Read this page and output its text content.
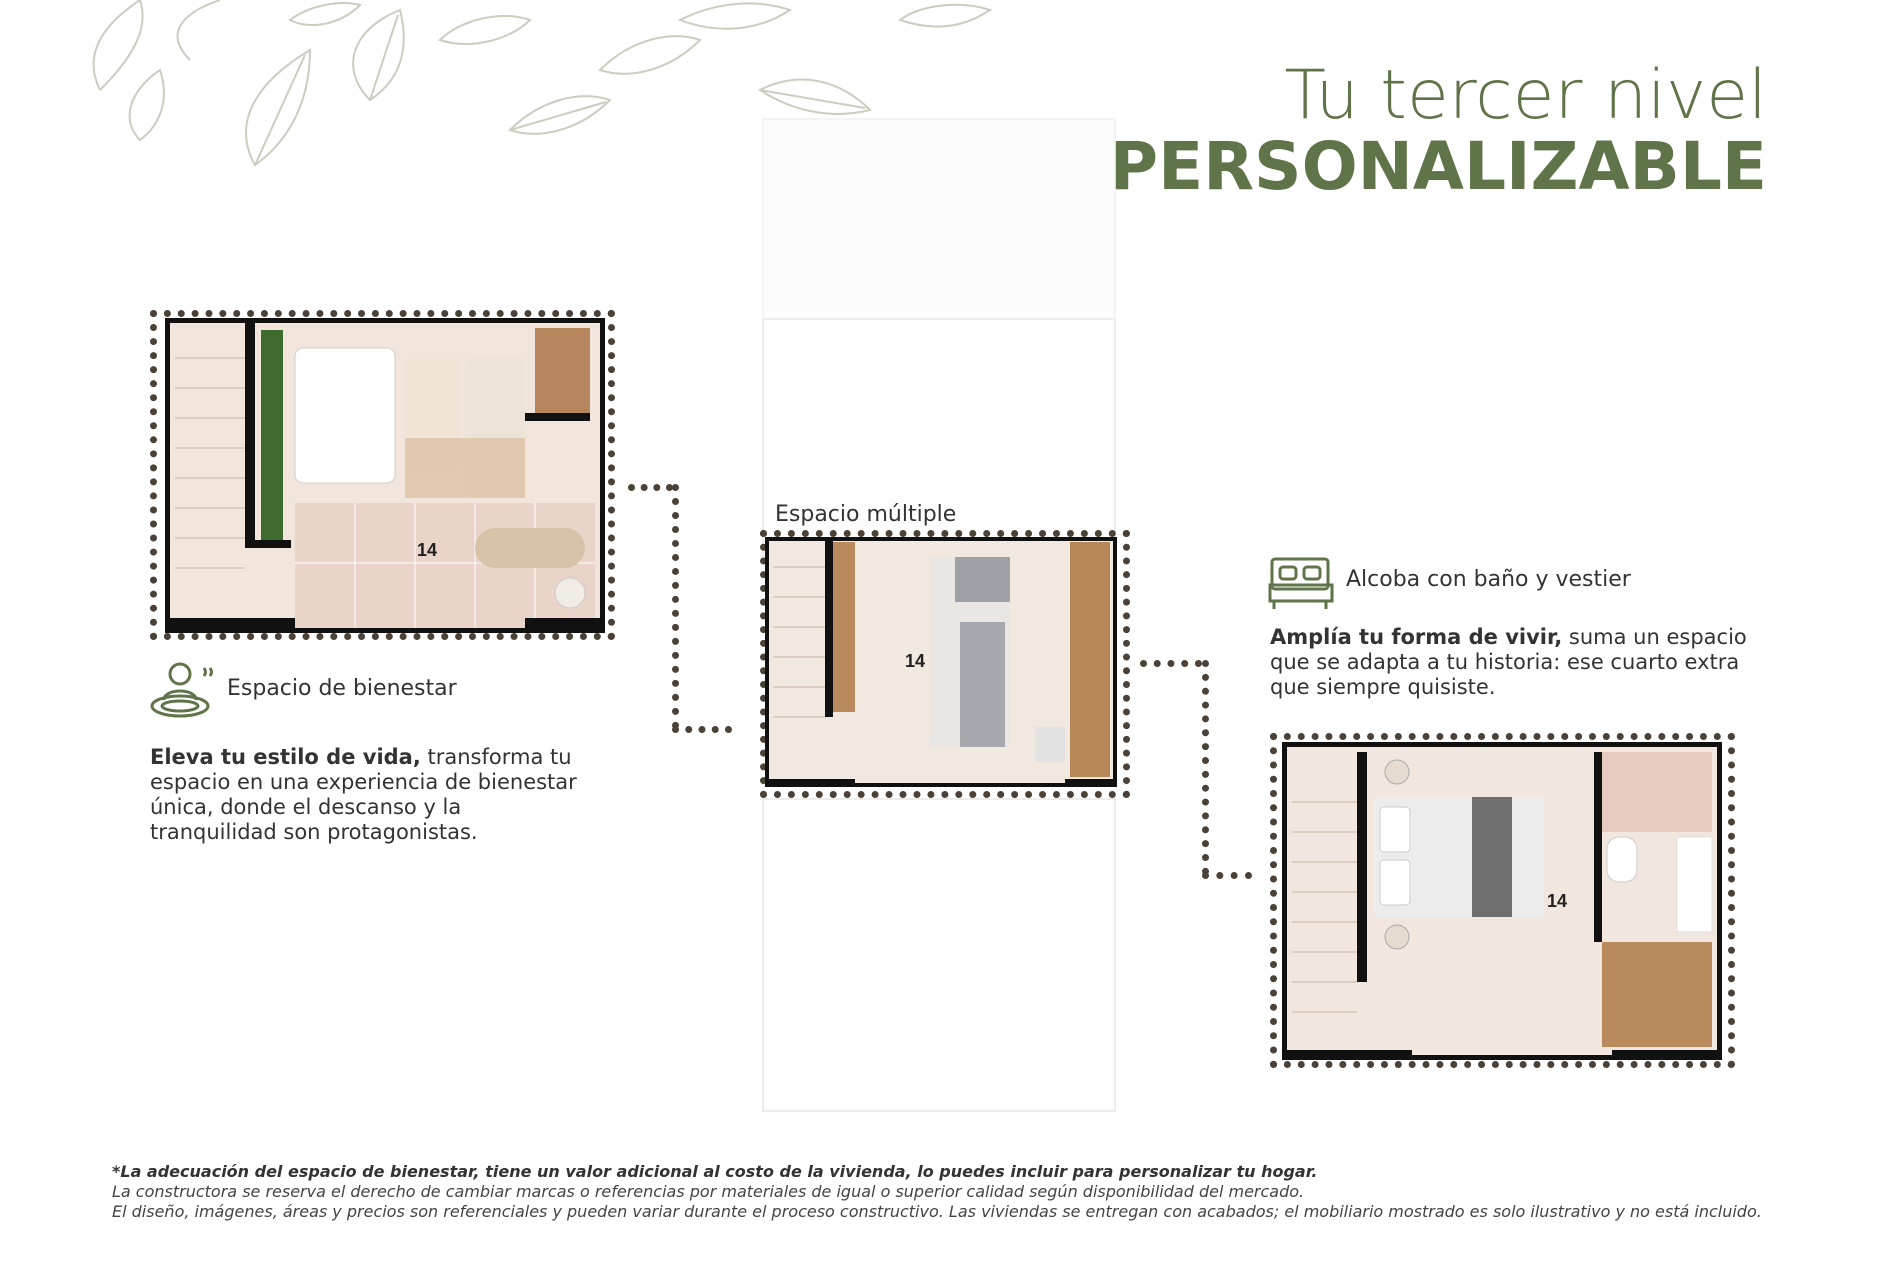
Tu tercer nivel
PERSONALIZABLE
14
Espacio de bienestar
Eleva tu estilo de vida, transforma tu espacio en una experiencia de bienestar única, donde el descanso y la tranquilidad son protagonistas.
Espacio múltiple
14
Alcoba con baño y vestier
Amplía tu forma de vivir, suma un espacio que se adapta a tu historia: ese cuarto extra que siempre quisiste.
14
*La adecuación del espacio de bienestar, tiene un valor adicional al costo de la vivienda, lo puedes incluir para personalizar tu hogar.
La constructora se reserva el derecho de cambiar marcas o referencias por materiales de igual o superior calidad según disponibilidad del mercado.
El diseño, imágenes, áreas y precios son referenciales y pueden variar durante el proceso constructivo. Las viviendas se entregan con acabados; el mobiliario mostrado es solo ilustrativo y no está incluido.
